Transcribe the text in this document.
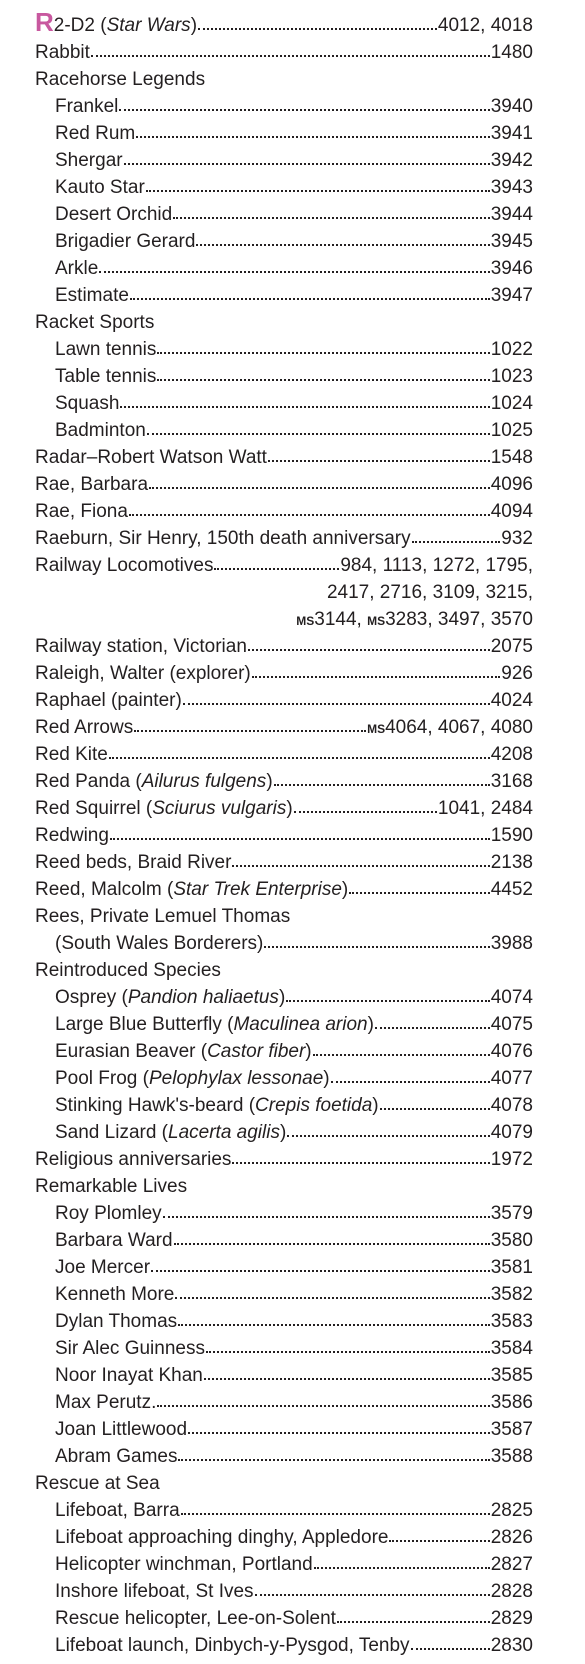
R2-D2 (Star Wars)	4012, 4018
Rabbit	1480
Racehorse Legends
Frankel	3940
Red Rum	3941
Shergar	3942
Kauto Star	3943
Desert Orchid	3944
Brigadier Gerard	3945
Arkle	3946
Estimate	3947
Racket Sports
Lawn tennis	1022
Table tennis	1023
Squash	1024
Badminton	1025
Radar–Robert Watson Watt	1548
Rae, Barbara	4096
Rae, Fiona	4094
Raeburn, Sir Henry, 150th death anniversary	932
Railway Locomotives	984, 1113, 1272, 1795,
2417, 2716, 3109, 3215,
MS3144, MS3283, 3497, 3570
Railway station, Victorian	2075
Raleigh, Walter (explorer)	926
Raphael (painter)	4024
Red Arrows	MS4064, 4067, 4080
Red Kite	4208
Red Panda (Ailurus fulgens)	3168
Red Squirrel (Sciurus vulgaris)	1041, 2484
Redwing	1590
Reed beds, Braid River	2138
Reed, Malcolm (Star Trek Enterprise)	4452
Rees, Private Lemuel Thomas
(South Wales Borderers)	3988
Reintroduced Species
Osprey (Pandion haliaetus)	4074
Large Blue Butterfly (Maculinea arion)	4075
Eurasian Beaver (Castor fiber)	4076
Pool Frog (Pelophylax lessonae)	4077
Stinking Hawk's-beard (Crepis foetida)	4078
Sand Lizard (Lacerta agilis)	4079
Religious anniversaries	1972
Remarkable Lives
Roy Plomley	3579
Barbara Ward	3580
Joe Mercer	3581
Kenneth More	3582
Dylan Thomas	3583
Sir Alec Guinness	3584
Noor Inayat Khan	3585
Max Perutz.	3586
Joan Littlewood	3587
Abram Games	3588
Rescue at Sea
Lifeboat, Barra	2825
Lifeboat approaching dinghy, Appledore	2826
Helicopter winchman, Portland	2827
Inshore lifeboat, St Ives	2828
Rescue helicopter, Lee-on-Solent	2829
Lifeboat launch, Dinbych-y-Pysgod, Tenby	2830
